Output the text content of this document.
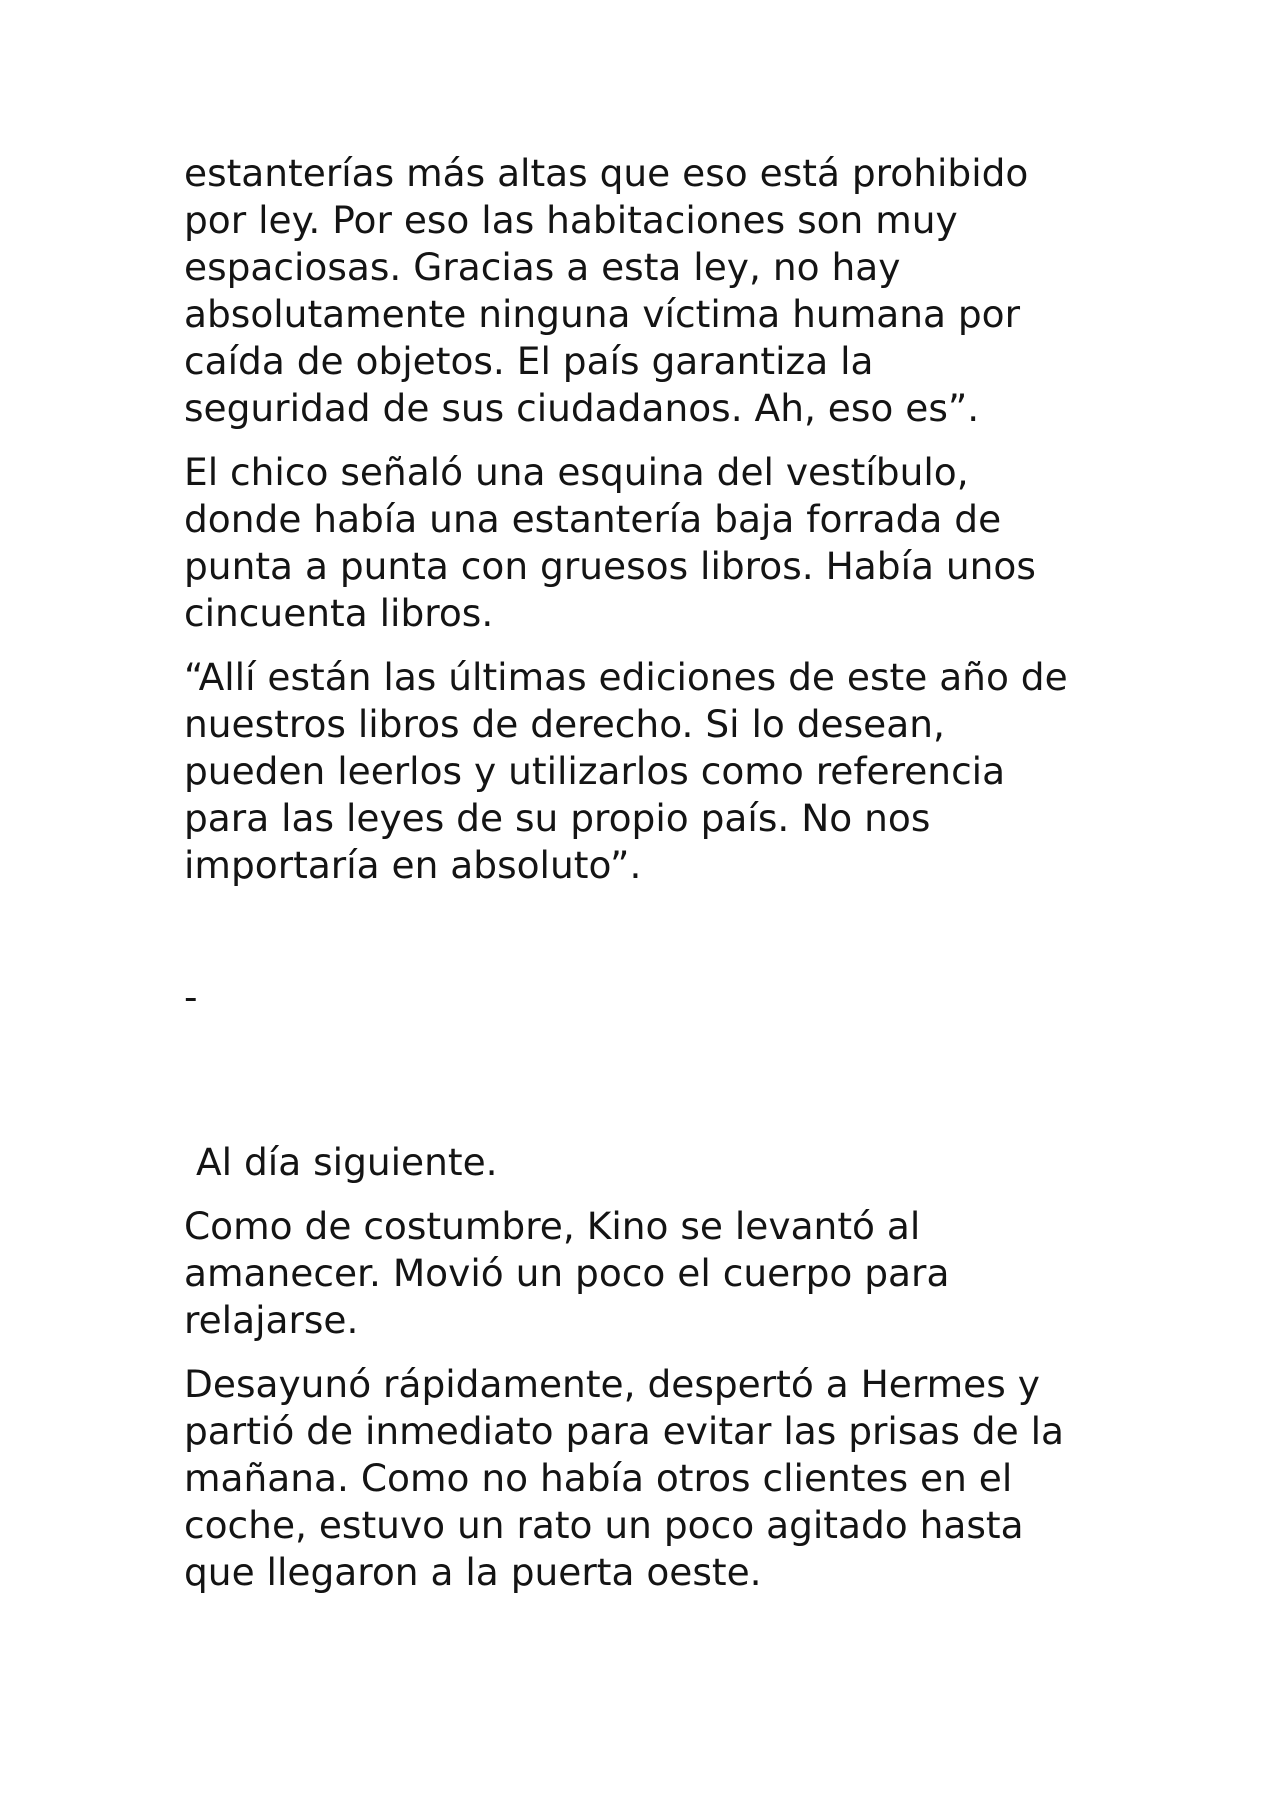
estanterías más altas que eso está prohibido
por ley. Por eso las habitaciones son muy
espaciosas. Gracias a esta ley, no hay
absolutamente ninguna víctima humana por
caída de objetos. El país garantiza la
seguridad de sus ciudadanos. Ah, eso es”.

El chico señaló una esquina del vestíbulo,
donde había una estantería baja forrada de
punta a punta con gruesos libros. Había unos
cincuenta libros.

“Allí están las últimas ediciones de este año de
nuestros libros de derecho. Si lo desean,
pueden leerlos y utilizarlos como referencia
para las leyes de su propio país. No nos
importaría en absoluto”.

-

Al día siguiente.

Como de costumbre, Kino se levantó al
amanecer. Movió un poco el cuerpo para
relajarse.

Desayunó rápidamente, despertó a Hermes y
partió de inmediato para evitar las prisas de la
mañana. Como no había otros clientes en el
coche, estuvo un rato un poco agitado hasta
que llegaron a la puerta oeste.
